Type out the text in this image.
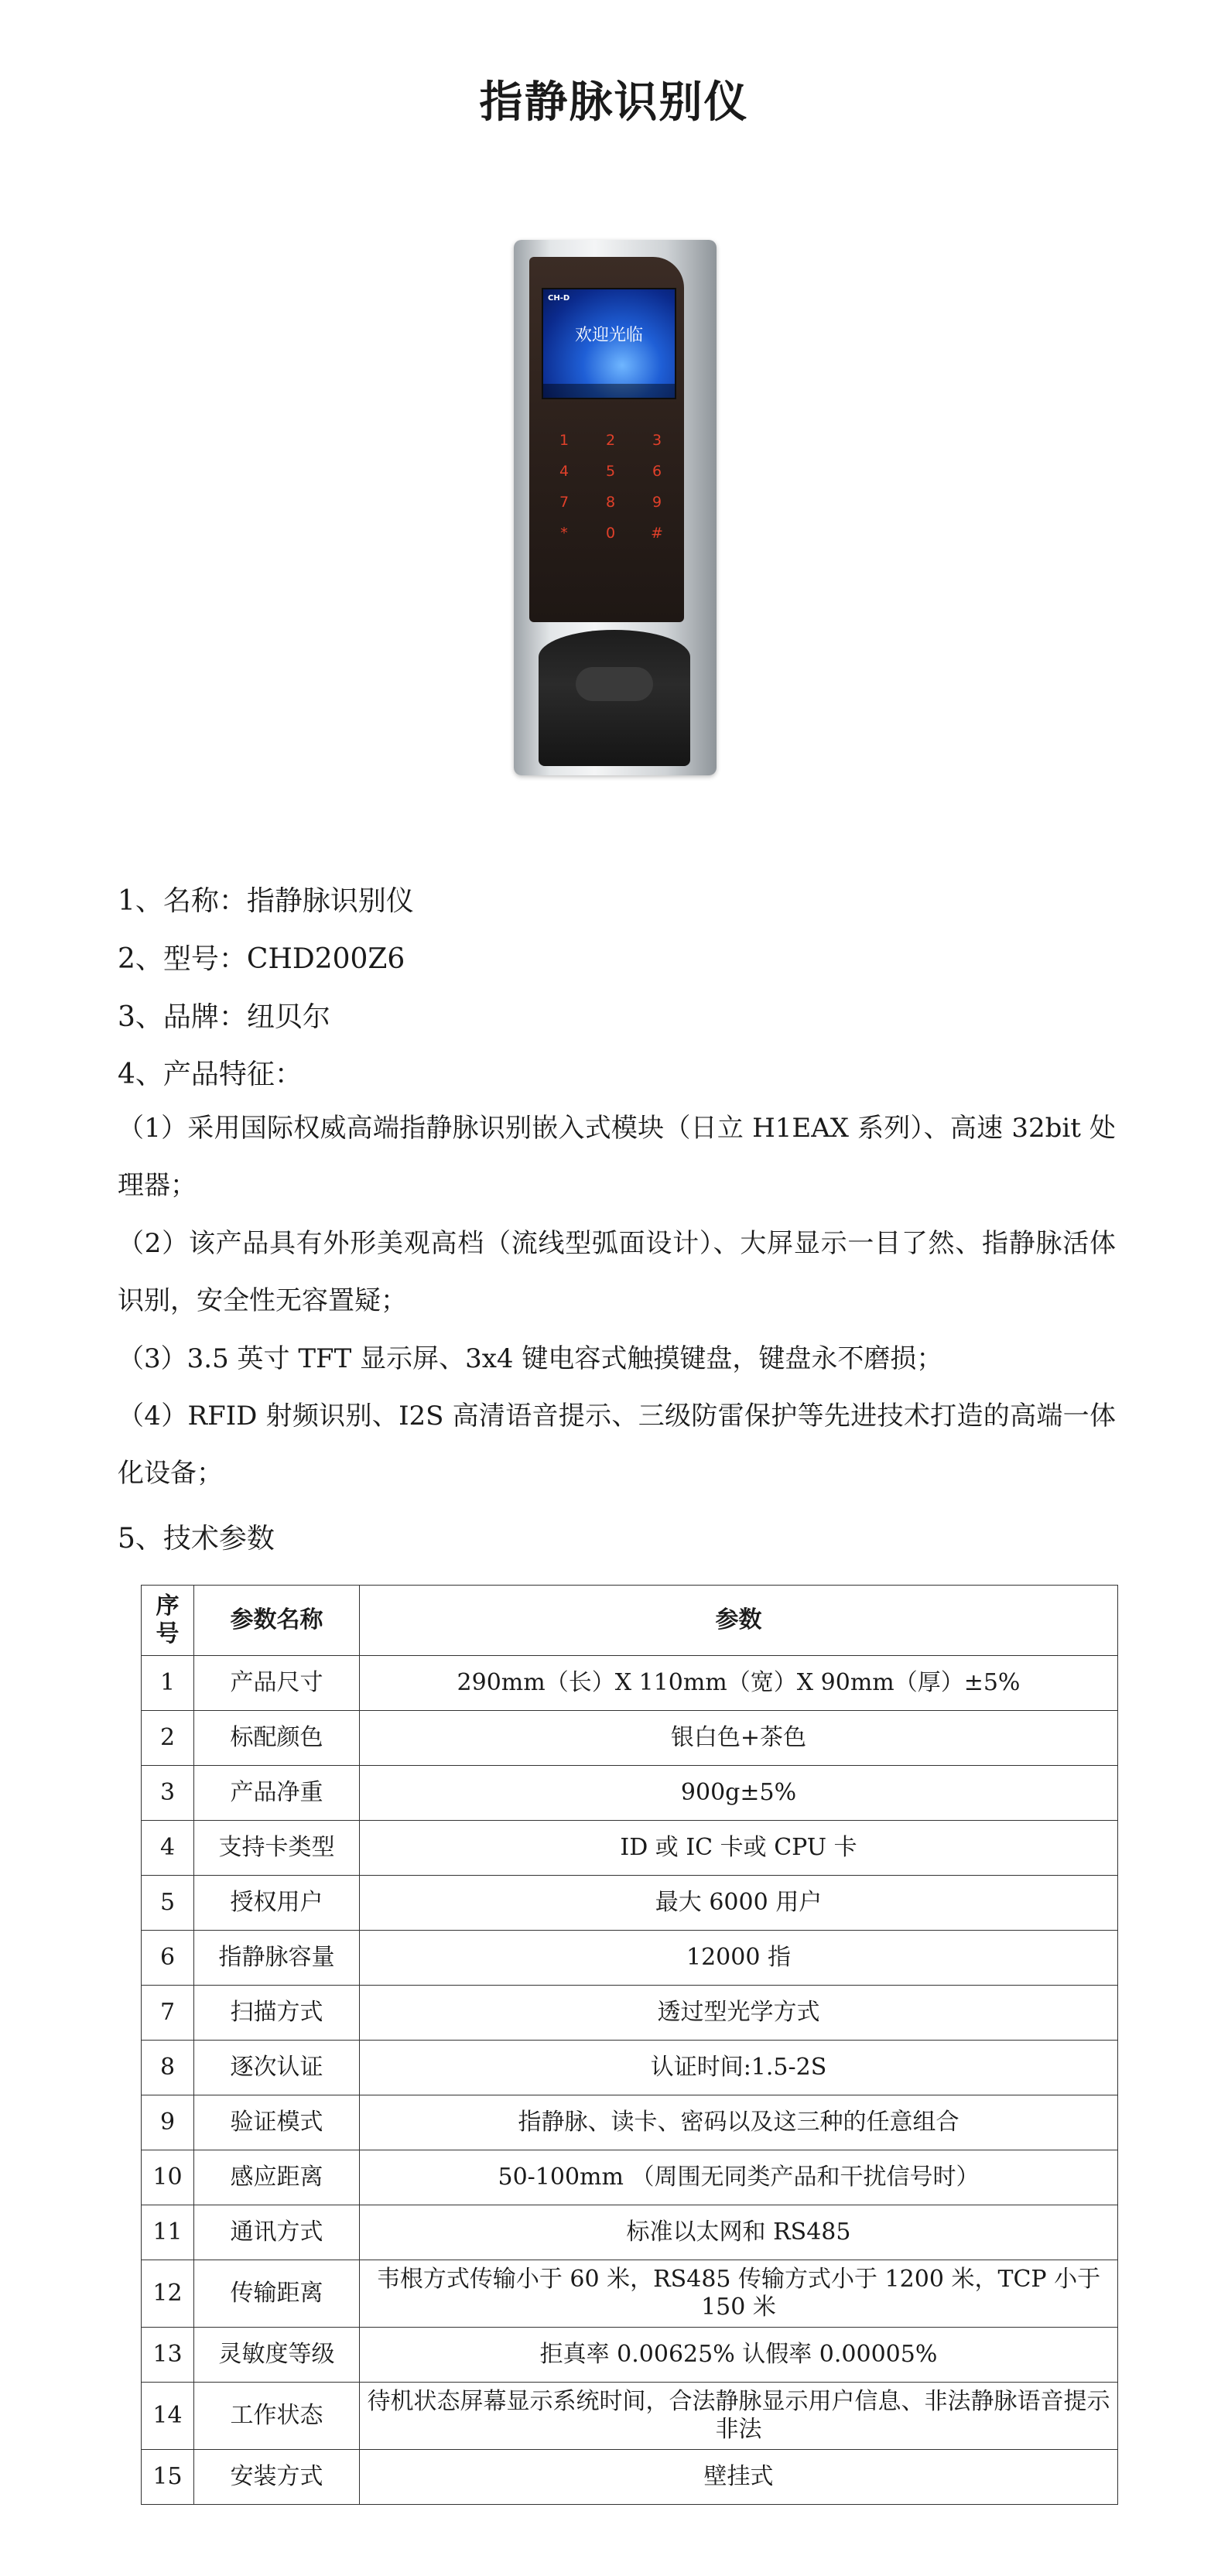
指静脉识别仪
CH-D
欢迎光临
1	2	3
4	5	6
7	8	9
*	0	#
1、名称：指静脉识别仪
2、型号：CHD200Z6
3、品牌：纽贝尔
4、产品特征：
（1）采用国际权威高端指静脉识别嵌入式模块（日立 H1EAX 系列）、高速 32bit 处理器；
（2）该产品具有外形美观高档（流线型弧面设计）、大屏显示一目了然、指静脉活体识别，安全性无容置疑；
（3）3.5 英寸 TFT 显示屏、3x4 键电容式触摸键盘，键盘永不磨损；
（4）RFID 射频识别、I2S 高清语音提示、三级防雷保护等先进技术打造的高端一体化设备；
5、技术参数
序号	参数名称	参数
1	产品尺寸	290mm（长）X 110mm（宽）X 90mm（厚）±5%
2	标配颜色	银白色+茶色
3	产品净重	900g±5%
4	支持卡类型	ID 或 IC 卡或 CPU 卡
5	授权用户	最大 6000 用户
6	指静脉容量	12000 指
7	扫描方式	透过型光学方式
8	逐次认证	认证时间:1.5-2S
9	验证模式	指静脉、读卡、密码以及这三种的任意组合
10	感应距离	50-100mm （周围无同类产品和干扰信号时）
11	通讯方式	标准以太网和 RS485
12	传输距离	韦根方式传输小于 60 米，RS485 传输方式小于 1200 米，TCP 小于 150 米
13	灵敏度等级	拒真率 0.00625% 认假率 0.00005%
14	工作状态	待机状态屏幕显示系统时间，合法静脉显示用户信息、非法静脉语音提示非法
15	安装方式	壁挂式
